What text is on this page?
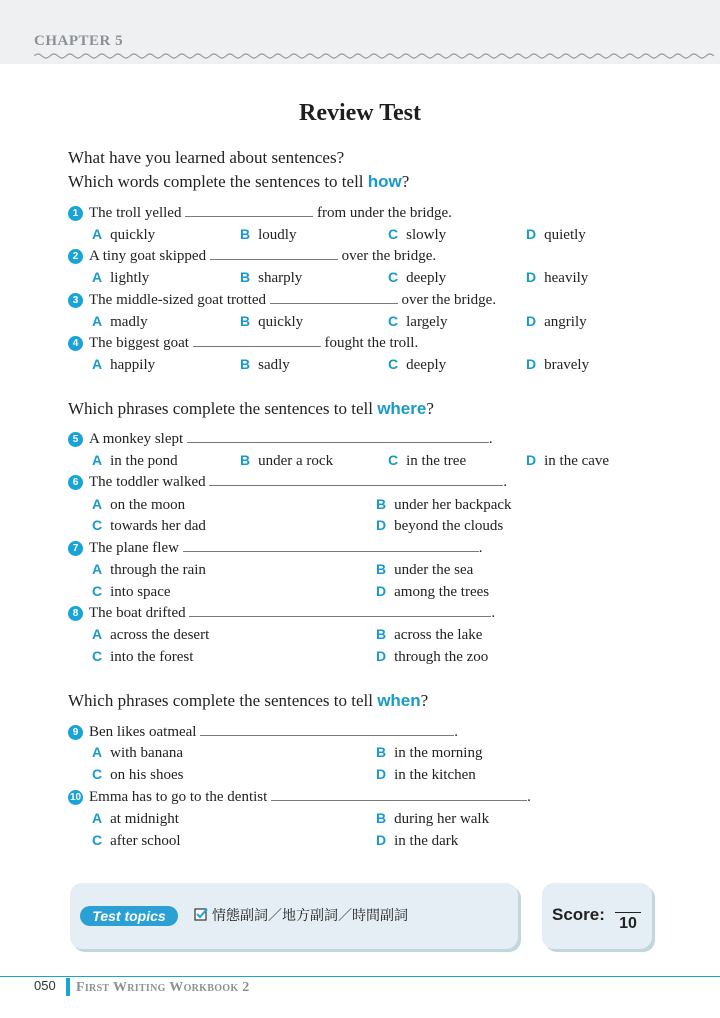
CHAPTER 5
Review Test
What have you learned about sentences?
Which words complete the sentences to tell how?
1 The troll yelled	from under the bridge.
A quickly	B loudly	C slowly	D quietly
2 A tiny goat skipped	over the bridge.
A lightly	B sharply	C deeply	D heavily
3 The middle-sized goat trotted	over the bridge.
A madly	B quickly	C largely	D angrily
4 The biggest goat	fought the troll.
A happily	B sadly	C deeply	D bravely
Which phrases complete the sentences to tell where?
5 A monkey slept	.
A in the pond	B under a rock	C in the tree	D in the cave
6 The toddler walked	.
A on the moon	B under her backpack
C towards her dad	D beyond the clouds
7 The plane flew	.
A through the rain	B under the sea
C into space	D among the trees
8 The boat drifted	.
A across the desert	B across the lake
C into the forest	D through the zoo
Which phrases complete the sentences to tell when?
9 Ben likes oatmeal	.
A with banana	B in the morning
C on his shoes	D in the kitchen
10 Emma has to go to the dentist	.
A at midnight	B during her walk
C after school	D in the dark
Test topics	情態副詞／地方副詞／時間副詞	Score: 10
050 First Writing Workbook 2
